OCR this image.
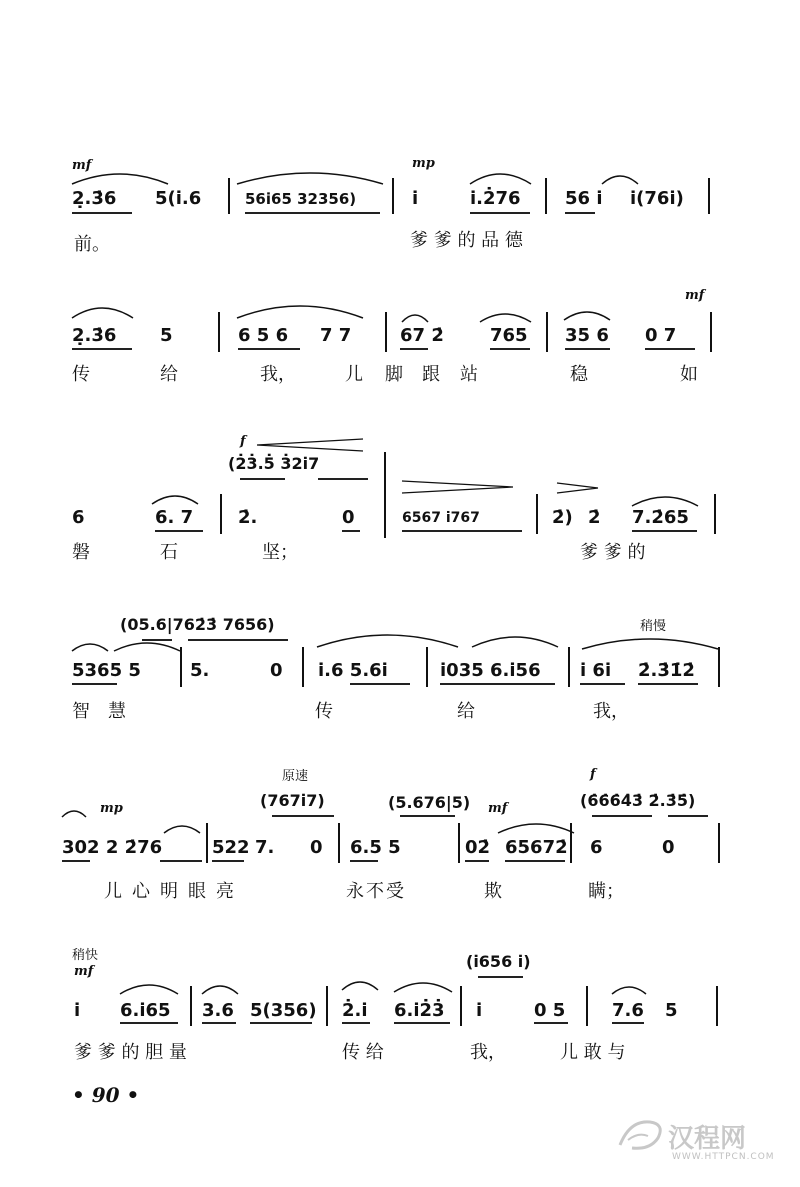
mf	mp
2̣.3̇6 5(i̇.6	56i̇65 32356)	i̇	i̇.2̇76 56 i̇ i̇(76i̇)
前。	爹 爹 的 品 德
mf
2̣.3̇6 5	6 5 6 7 ⁢7	67 2̇	765 35 6 0 7
传	给	我，	儿 脚 跟 站	稳	如
f
(2̇3̇.5̇ 3̇2i̇7
6	6. 7 2̇.	0	6567 i̇767	2̇) 2̇ 7.2̇65
磐	石	坚；	爹 爹 的
稍慢
(05.6|762̇3̇ 7656)
5365 5	5.	0 i̇.6 5.6i̇	i̇035 6.i̇56 i̇ 6i̇ 2̇.3̇1̇2̇
智 慧	传	给	我，
原速	f
(767i̇7)	(5.676|5)	(6̇6̇6̇4̇3̇ 2̇.3̇5̇)
mp	mf
30⁢2 2 ⁢2̇76	522 7. 0 6.5 5	02̇ 65672̇ 6	0
儿心明眼亮	永不受	欺	瞒；
稍快
mf
(i̇656 i̇)
i̇ 6.i̇65 3.6 5(356) 2̇.i̇ 6.i̇2̇3̇ i̇	0 5	7.6 5
爹 爹 的 胆 量	传 给	我，	儿 敢 与
• 90 •
汉程网
WWW.HTTPCN.COM
